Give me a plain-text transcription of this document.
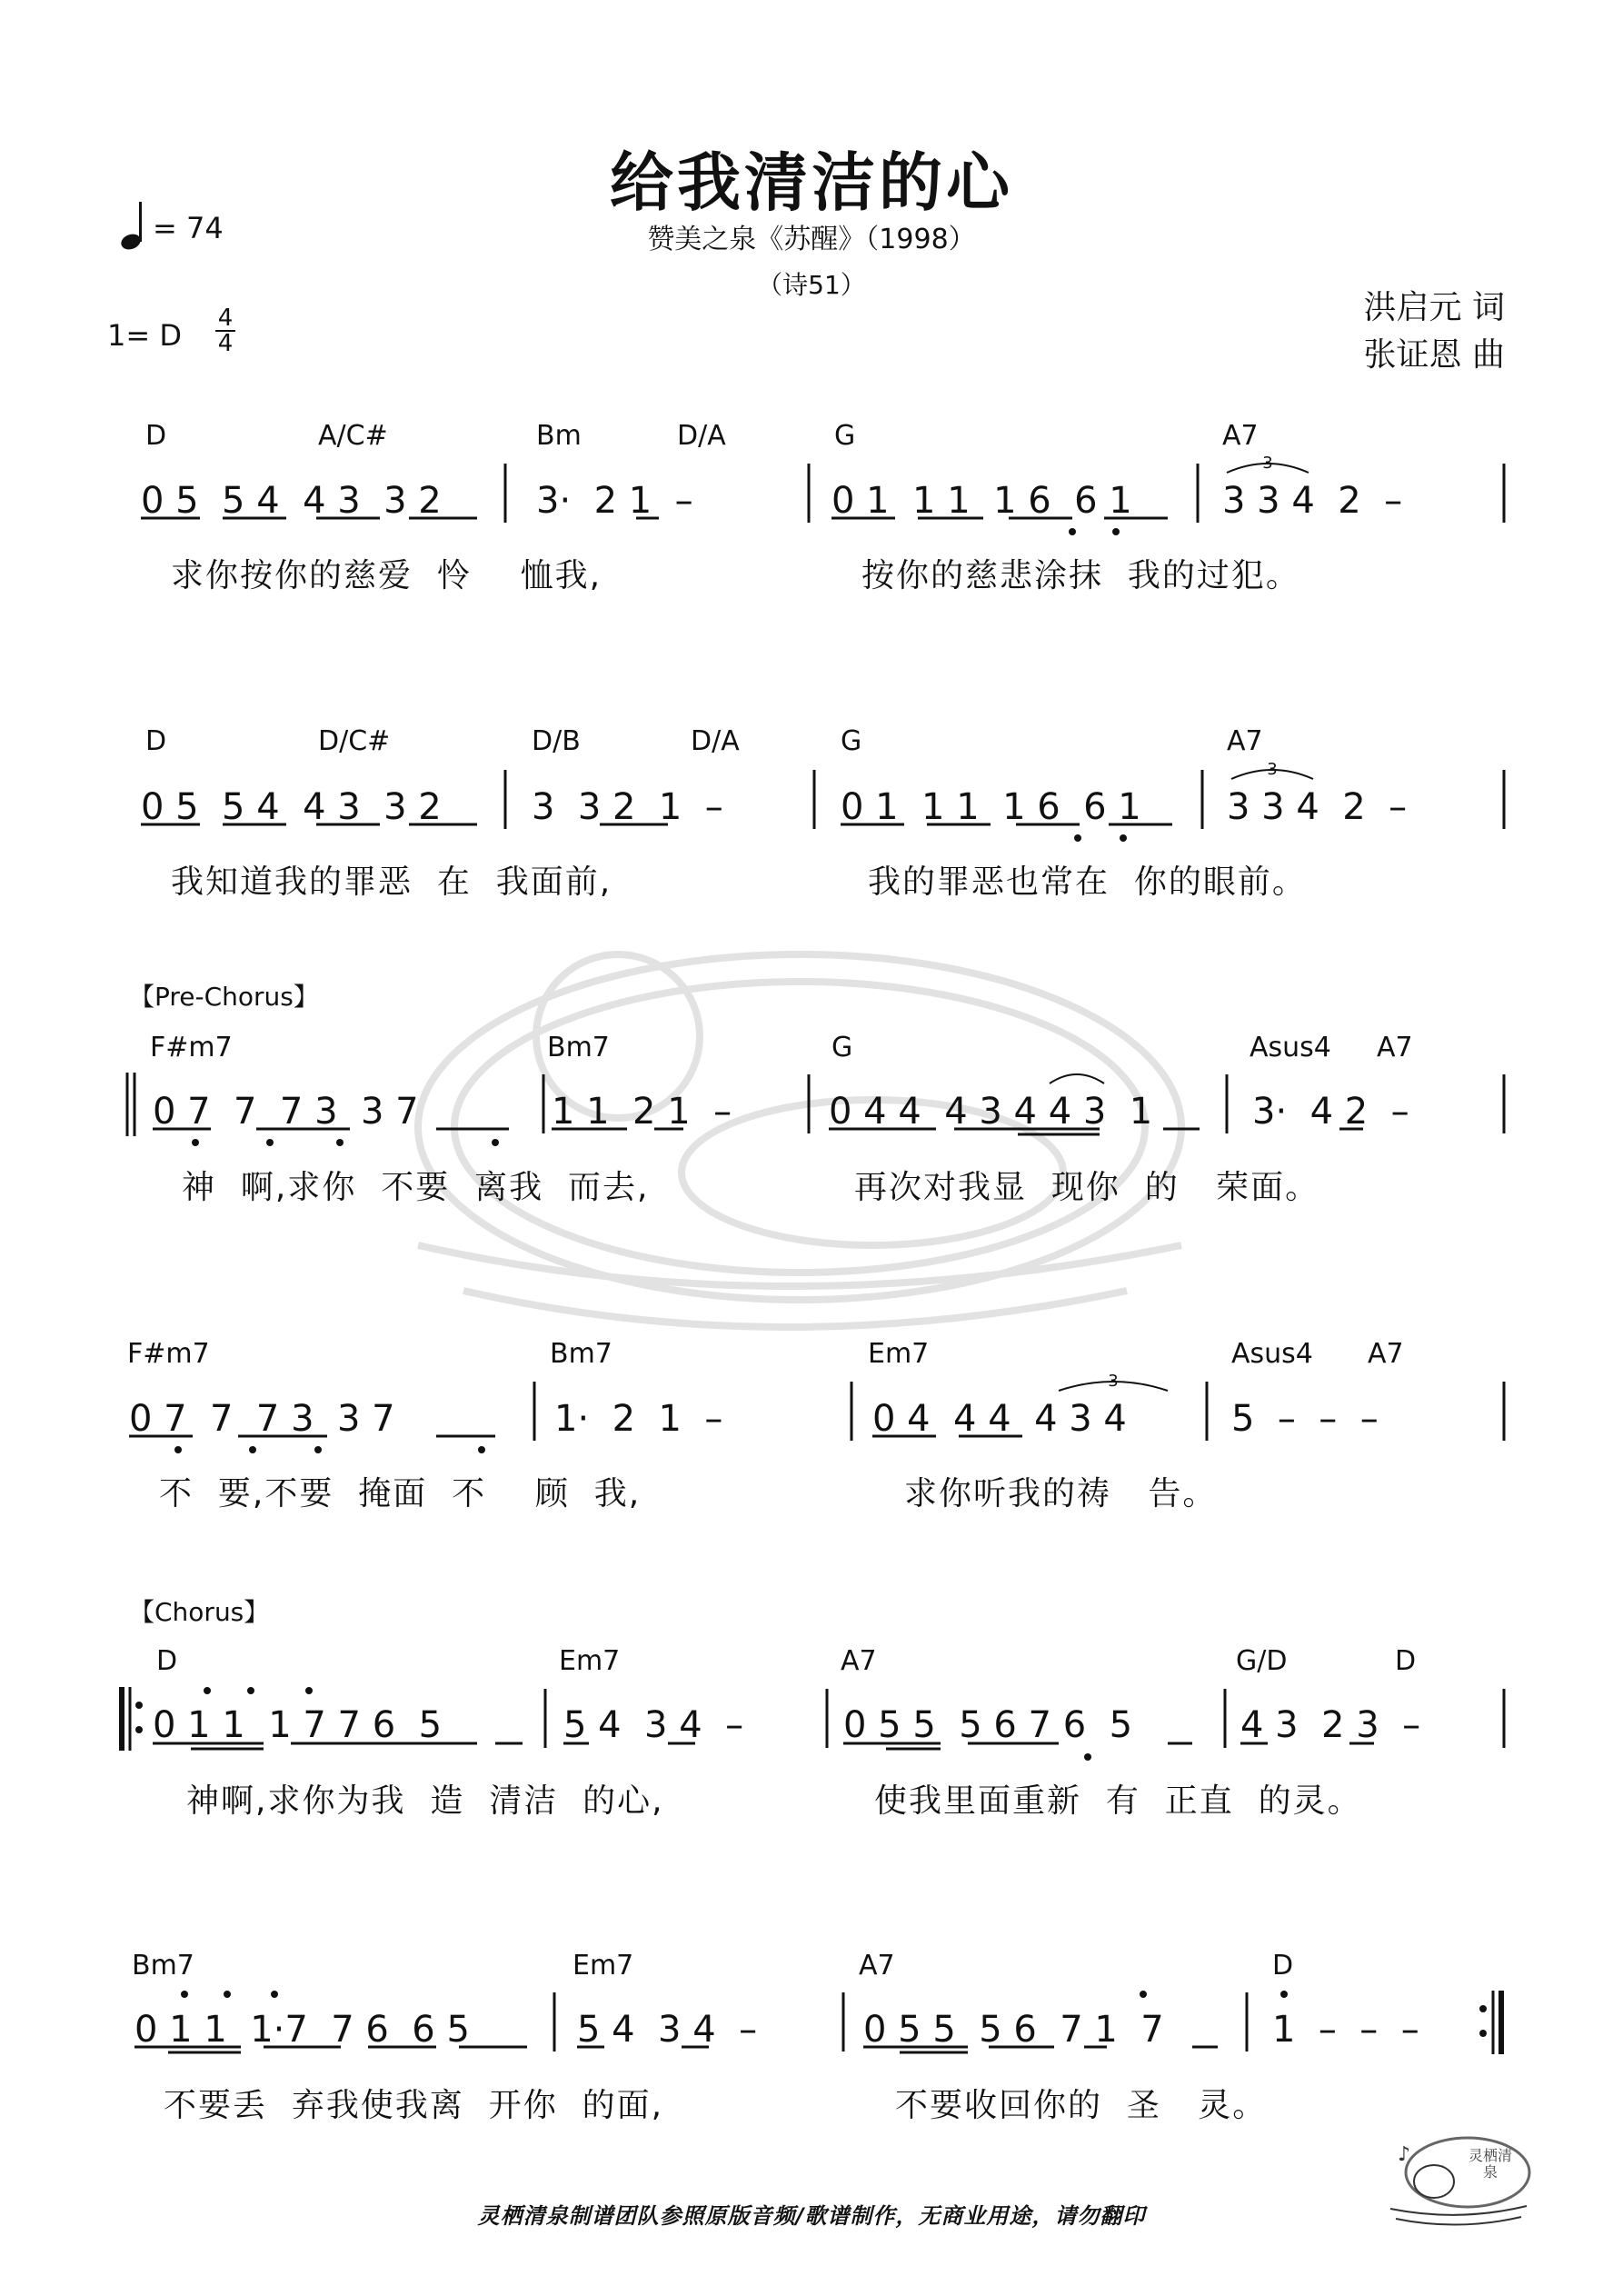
给我清洁的心
赞美之泉《苏醒》（1998）
（诗51）
= 74
1= D 4

4
洪启元 词
张证恩 曲
【Pre-Chorus】
【Chorus】
D	A/C#	Bm	D/A	G	A7
0 5  5 4  4 3  3 2	3·  2 1  –	0 1  1 1  1 6  6 1	3 3 4  2  –
3
求你按你的慈爱  怜    恤我,	按你的慈悲涂抹  我的过犯。
D	D/C#	D/B	D/A	G	A7
0 5  5 4  4 3  3 2	3  3 2  1  –	0 1  1 1  1 6  6 1	3 3 4  2  –
3
我知道我的罪恶  在  我面前,	我的罪恶也常在  你的眼前。
F#m7	Bm7	G	Asus4 A7
0 7  7  7 3  3 7	1 1  2 1  –	0 4 4  4 3 4 4 3  1	3·  4 2  –
神  啊,求你  不要  离我  而去,	再次对我显  现你  的   荣面。
F#m7	Bm7	Em7	Asus4 A7
0 7  7  7 3  3 7	1·  2  1  –	0 4  4 4  4 3 4	5  –  –  –
3
不  要,不要  掩面  不    顾  我,	求你听我的祷   告。
D	Em7	A7	G/D	D
0 1 1  1 7 7 6  5	5 4  3 4  –	0 5 5  5 6 7 6  5	4 3  2 3  –
神啊,求你为我  造  清洁  的心,	使我里面重新  有  正直  的灵。
Bm7	Em7	A7	D
0 1 1  1·7  7 6  6 5	5 4  3 4  –	0 5 5  5 6  7 1  7	1  –  –  –
不要丢  弃我使我离  开你  的面,	不要收回你的  圣   灵。
灵栖清泉制谱团队参照原版音频/歌谱制作，无商业用途，请勿翻印
♪	灵栖清泉
